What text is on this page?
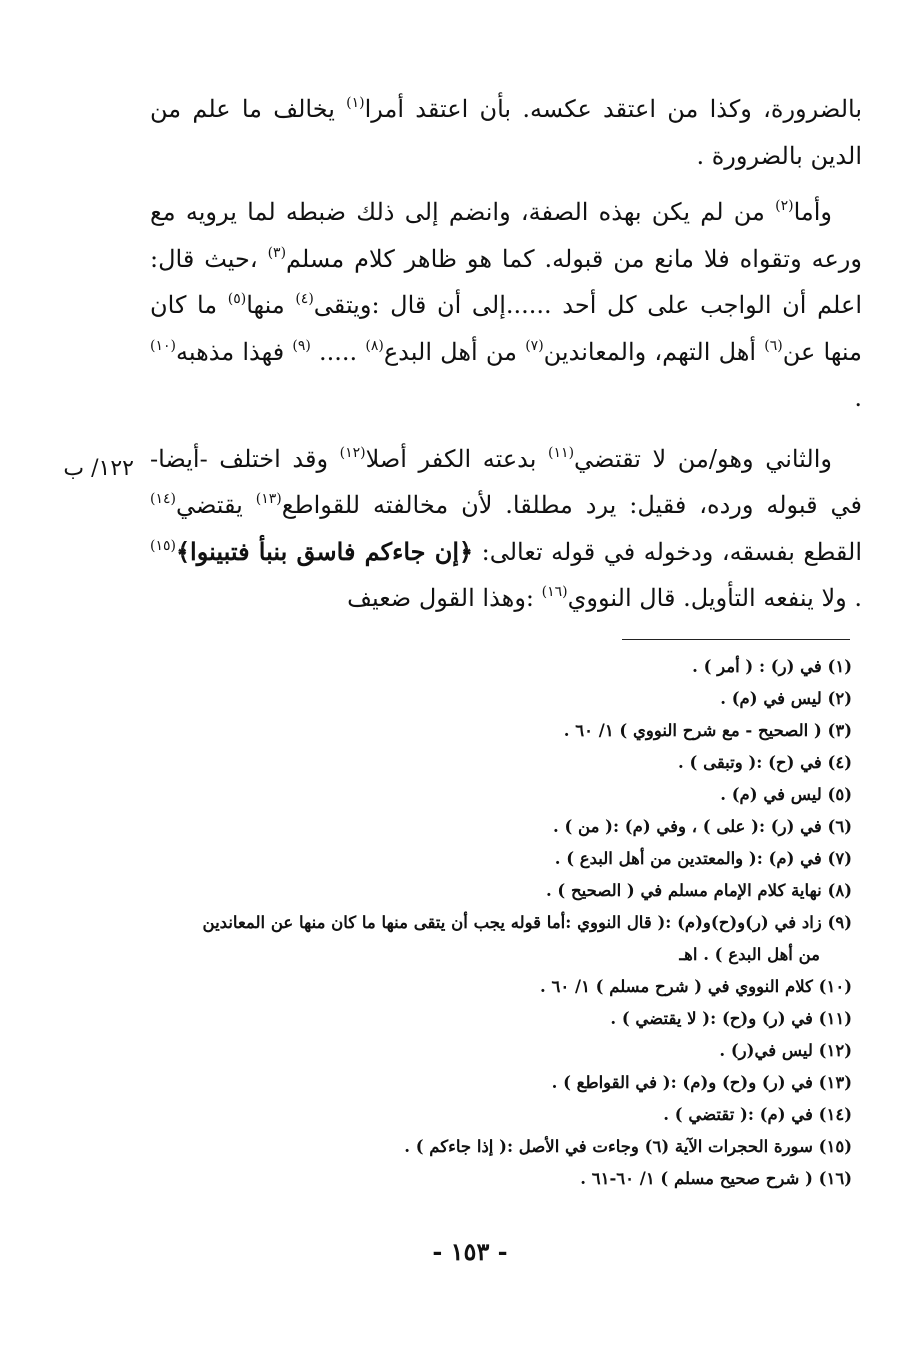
بالضرورة، وكذا من اعتقد عكسه. بأن اعتقد أمرا$^{(١)}$ يخالف ما علم من الدين بالضرورة .

وأما$^{(٢)}$ من لم يكن بهذه الصفة، وانضم إلى ذلك ضبطه لما يرويه مع ورعه وتقواه فلا مانع من قبوله. كما هو ظاهر كلام مسلم$^{(٣)}$ ،حيث قال: اعلم أن الواجب على كل أحد ......إلى أن قال :ويتقى$^{(٤)}$ منها$^{(٥)}$ ما كان منها عن$^{(٦)}$ أهل التهم، والمعاندين$^{(٧)}$ من أهل البدع$^{(٨)}$ ..... $^{(٩)}$ فهذا مذهبه$^{(١٠)}$ .

والثاني وهو/من لا تقتضي$^{(١١)}$ بدعته الكفر أصلا$^{(١٢)}$ وقد اختلف -أيضا- في قبوله ورده، فقيل: يرد مطلقا. لأن مخالفته للقواطع$^{(١٣)}$ يقتضي$^{(١٤)}$ القطع بفسقه، ودخوله في قوله تعالى: ﴿إن جاءكم فاسق بنبأ فتبينوا﴾$^{(١٥)}$ . ولا ينفعه التأويل. قال النووي$^{(١٦)}$ :وهذا القول ضعيف

١٢٢/ ب

(١) في (ر) : ( أمر ) .

(٢) ليس في (م) .

(٣) ( الصحيح - مع شرح النووي ) ١/ ٦٠ .

(٤) في (ح) :( وتبقى ) .

(٥) ليس في (م) .

(٦) في (ر) :( على ) ، وفي (م) :( من ) .

(٧) في (م) :( والمعتدين من أهل البدع ) .

(٨) نهاية كلام الإمام مسلم في ( الصحيح ) .

(٩) زاد في (ر)و(ح)و(م) :( قال النووي :أما قوله يجب أن يتقى منها ما كان منها عن المعاندين

من أهل البدع ) . اهـ

(١٠) كلام النووي في ( شرح مسلم ) ١/ ٦٠ .

(١١) في (ر) و(ح) :( لا يقتضي ) .

(١٢) ليس في(ر) .

(١٣) في (ر) و(ح) و(م) :( في القواطع ) .

(١٤) في (م) :( تقتضي ) .

(١٥) سورة الحجرات الآية (٦) وجاءت في الأصل :( إذا جاءكم ) .

(١٦) ( شرح صحيح مسلم ) ١/ ٦٠-٦١ .

- ١٥٣ -
